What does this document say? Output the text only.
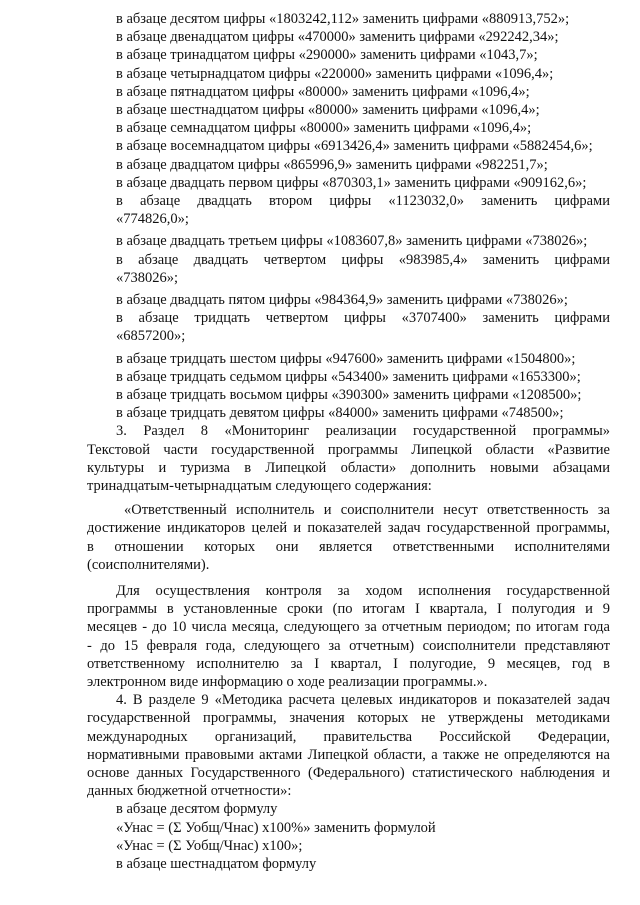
в абзаце десятом цифры «1803242,112» заменить цифрами «880913,752»;
в абзаце двенадцатом цифры «470000» заменить цифрами «292242,34»;
в абзаце тринадцатом цифры «290000» заменить цифрами «1043,7»;
в абзаце четырнадцатом цифры «220000» заменить цифрами «1096,4»;
в абзаце пятнадцатом цифры «80000» заменить цифрами «1096,4»;
в абзаце шестнадцатом цифры «80000» заменить цифрами «1096,4»;
в абзаце семнадцатом цифры «80000» заменить цифрами «1096,4»;
в абзаце восемнадцатом цифры «6913426,4» заменить цифрами «5882454,6»;
в абзаце двадцатом цифры «865996,9» заменить цифрами «982251,7»;
в абзаце двадцать первом цифры «870303,1» заменить цифрами «909162,6»;
в абзаце двадцать втором цифры «1123032,0» заменить цифрами
«774826,0»;
в абзаце двадцать третьем цифры «1083607,8» заменить цифрами «738026»;
в абзаце двадцать четвертом цифры «983985,4» заменить цифрами
«738026»;
в абзаце двадцать пятом цифры «984364,9» заменить цифрами «738026»;
в абзаце тридцать четвертом цифры «3707400» заменить цифрами
«6857200»;
в абзаце тридцать шестом цифры «947600» заменить цифрами «1504800»;
в абзаце тридцать седьмом цифры «543400» заменить цифрами «1653300»;
в абзаце тридцать восьмом цифры «390300» заменить цифрами «1208500»;
в абзаце тридцать девятом цифры «84000» заменить цифрами «748500»;
3. Раздел 8 «Мониторинг реализации государственной программы»
Текстовой части государственной программы Липецкой области «Развитие
культуры и туризма в Липецкой области» дополнить новыми абзацами
тринадцатым-четырнадцатым следующего содержания:
«Ответственный исполнитель и соисполнители несут ответственность за
достижение индикаторов целей и показателей задач государственной программы,
в отношении которых они является ответственными исполнителями
(соисполнителями).
Для осуществления контроля за ходом исполнения государственной
программы в установленные сроки (по итогам I квартала, I полугодия и 9
месяцев - до 10 числа месяца, следующего за отчетным периодом; по итогам года
- до 15 февраля года, следующего за отчетным) соисполнители представляют
ответственному исполнителю за I квартал, I полугодие, 9 месяцев, год в
электронном виде информацию о ходе реализации программы.».
4. В разделе 9 «Методика расчета целевых индикаторов и показателей задач
государственной программы, значения которых не утверждены методиками
международных организаций, правительства Российской Федерации,
нормативными правовыми актами Липецкой области, а также не определяются на
основе данных Государственного (Федерального) статистического наблюдения и
данных бюджетной отчетности»:
в абзаце десятом формулу
«Унас = (Σ Уобщ/Чнас) х100%» заменить формулой
«Унас = (Σ Уобщ/Чнас) х100»;
в абзаце шестнадцатом формулу
